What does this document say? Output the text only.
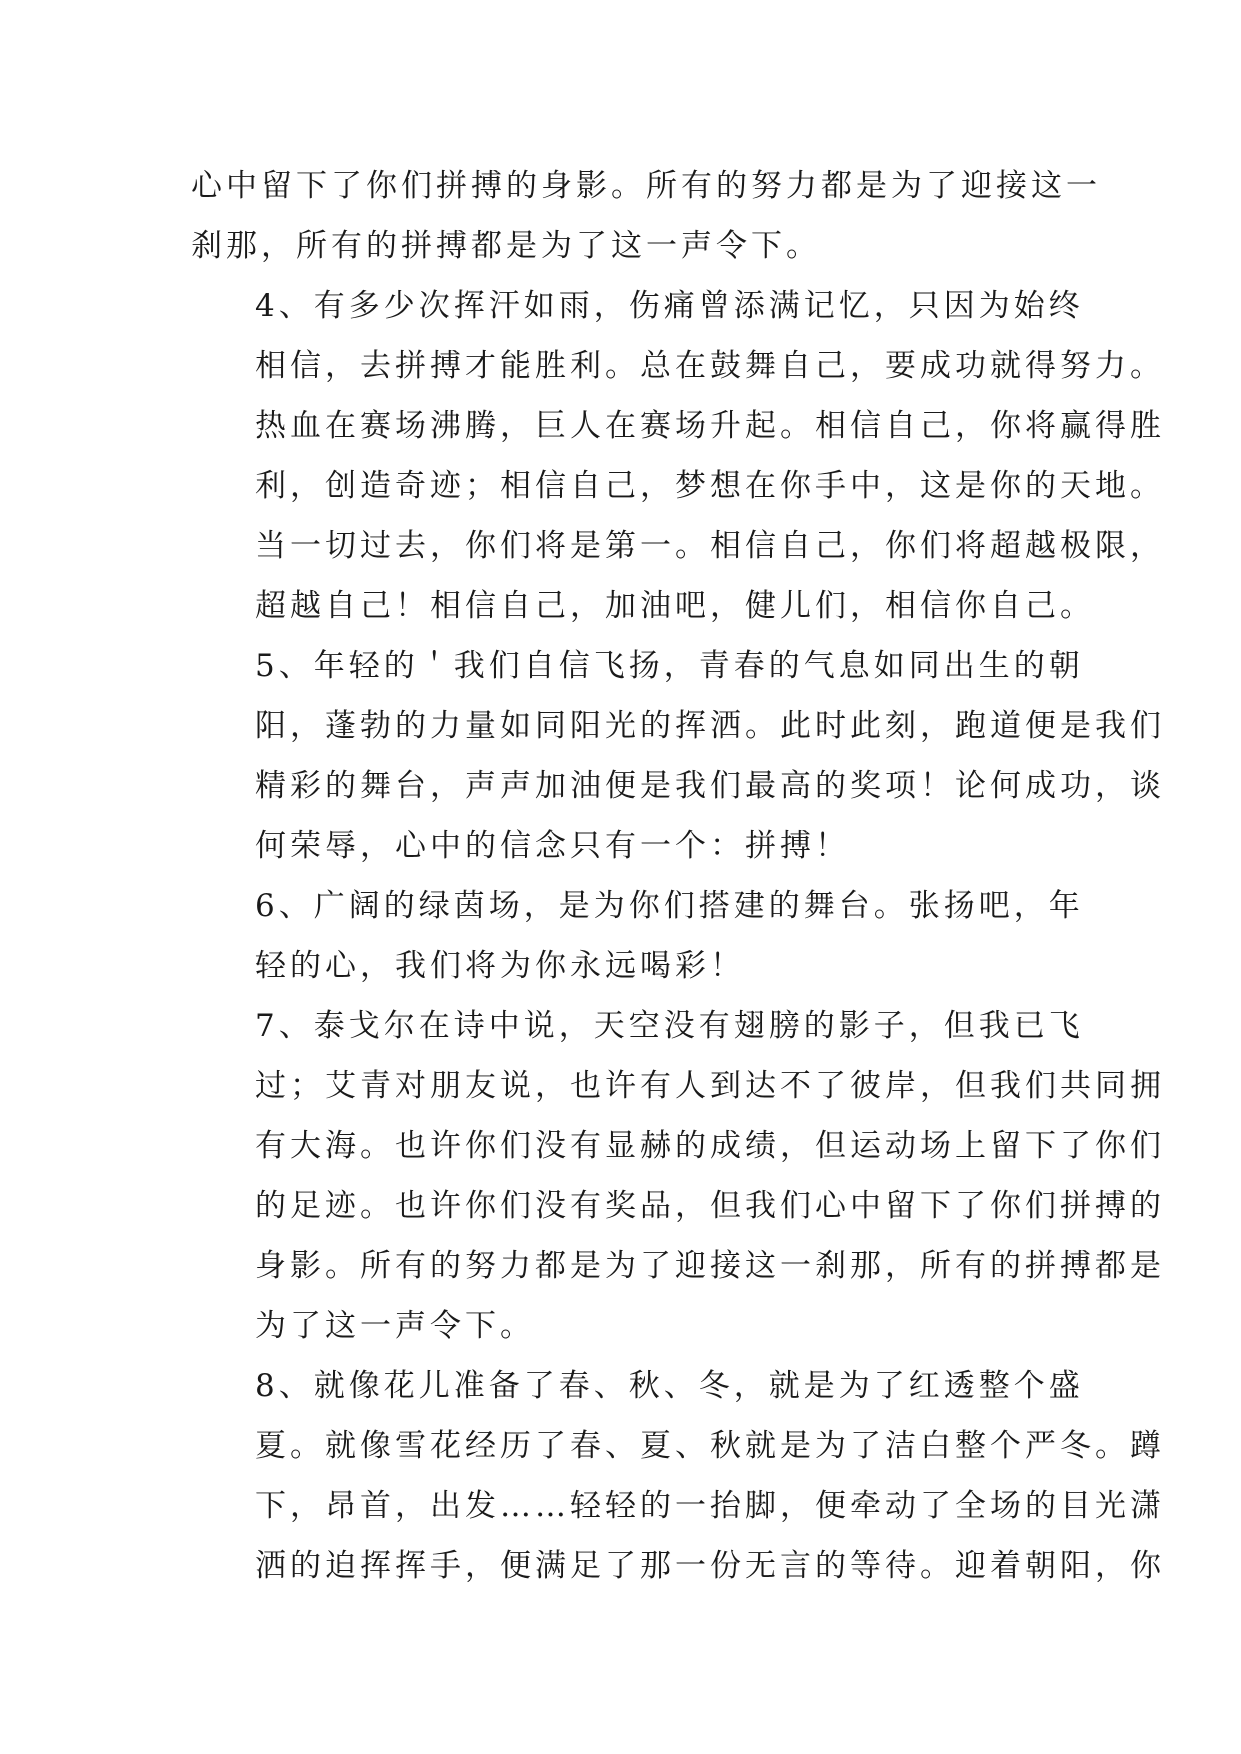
心中留下了你们拼搏的身影。所有的努力都是为了迎接这一
刹那，所有的拼搏都是为了这一声令下。

4、有多少次挥汗如雨，伤痛曾添满记忆，只因为始终
相信，去拼搏才能胜利。总在鼓舞自己，要成功就得努力。
热血在赛场沸腾，巨人在赛场升起。相信自己，你将赢得胜
利，创造奇迹；相信自己，梦想在你手中，这是你的天地。
当一切过去，你们将是第一。相信自己，你们将超越极限，
超越自己！相信自己，加油吧，健儿们，相信你自己。

5、年轻的＇我们自信飞扬，青春的气息如同出生的朝
阳，蓬勃的力量如同阳光的挥洒。此时此刻，跑道便是我们
精彩的舞台，声声加油便是我们最高的奖项！论何成功，谈
何荣辱，心中的信念只有一个：拼搏！

6、广阔的绿茵场，是为你们搭建的舞台。张扬吧，年
轻的心，我们将为你永远喝彩！

7、泰戈尔在诗中说，天空没有翅膀的影子，但我已飞
过；艾青对朋友说，也许有人到达不了彼岸，但我们共同拥
有大海。也许你们没有显赫的成绩，但运动场上留下了你们
的足迹。也许你们没有奖品，但我们心中留下了你们拼搏的
身影。所有的努力都是为了迎接这一刹那，所有的拼搏都是
为了这一声令下。

8、就像花儿准备了春、秋、冬，就是为了红透整个盛
夏。就像雪花经历了春、夏、秋就是为了洁白整个严冬。蹲
下，昂首，出发……轻轻的一抬脚，便牵动了全场的目光潇
洒的迫挥挥手，便满足了那一份无言的等待。迎着朝阳，你
